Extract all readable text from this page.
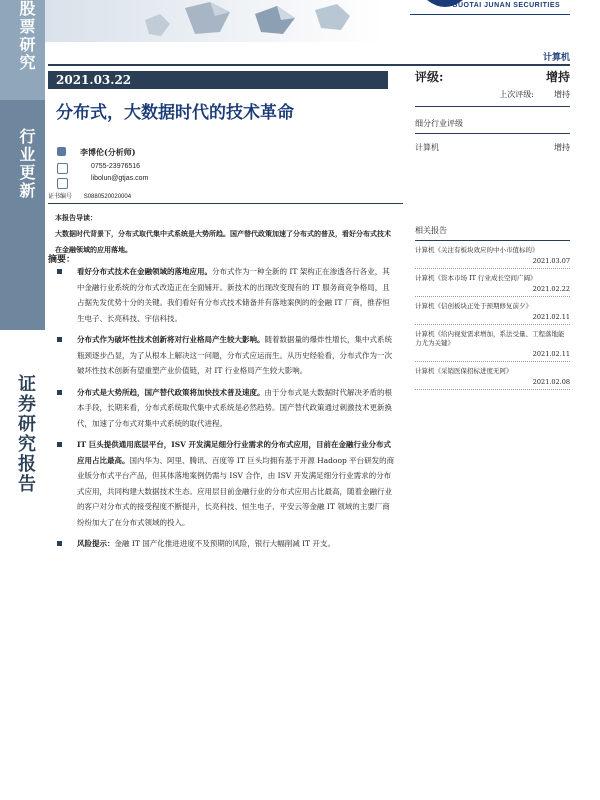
股票研究
行业更新
证券研究报告
GUOTAI JUNAN SECURITIES
计算机
2021.03.22
分布式，大数据时代的技术革命
评级:	增持
上次评级:	增持
细分行业评级
计算机	增持
李博伦(分析师)
0755-23976516
libolun@gtjas.com
证书编号 S0880520020004
本报告导读：
大数据时代背景下，分布式取代集中式系统是大势所趋。国产替代政策加速了分布式的普及，看好分布式技术在金融领域的应用落地。
摘要：
看好分布式技术在金融领域的落地应用。分布式作为一种全新的 IT 架构正在渗透各行各业，其中金融行业系统的分布式改造正在全面铺开。新技术的出现改变现有的 IT 服务商竞争格局，且占据先发优势十分的关键。我们看好有分布式技术储备并有落地案例的的金融 IT 厂商，推荐恒生电子、长亮科技、宇信科技。
分布式作为破坏性技术创新将对行业格局产生较大影响。随着数据量的爆炸性增长，集中式系统瓶颈逐步凸显，为了从根本上解决这一问题，分布式应运而生。从历史经验看，分布式作为一次破坏性技术创新有望重塑产业价值链，对 IT 行业格局产生较大影响。
分布式是大势所趋，国产替代政策将加快技术普及速度。由于分布式是大数据时代解决矛盾的根本手段，长期来看，分布式系统取代集中式系统是必然趋势。国产替代政策通过刺激技术更新换代，加速了分布式对集中式系统的取代进程。
IT 巨头提供通用底层平台，ISV 开发满足细分行业需求的分布式应用，目前在金融行业分布式应用占比最高。国内华为、阿里、腾讯、百度等 IT 巨头均拥有基于开源 Hadoop 平台研发的商业版分布式平台产品，但其体落地案例仍需与 ISV 合作，由 ISV 开发满足细分行业需求的分布式应用，共同构建大数据技术生态。应用层目前金融行业的分布式应用占比最高，随着金融行业的客户对分布式的接受程度不断提升，长亮科技、恒生电子、平安云等金融 IT 领域的主要厂商纷纷加大了在分布式领域的投入。
风险提示：金融 IT 国产化推进进度不及预期的风险，银行大幅削减 IT 开支。
相关报告
计算机《关注有板块效应的中小市值标的》
2021.03.07
计算机《资本市场 IT 行业成长空间广阔》
2021.02.22
计算机《信创板块正处于预期修复前夕》
2021.02.11
计算机《给内视觉需求增加，系法受量、工程落地能力尤为关键》
2021.02.11
计算机《采销医保招标进度无阿》
2021.02.08
